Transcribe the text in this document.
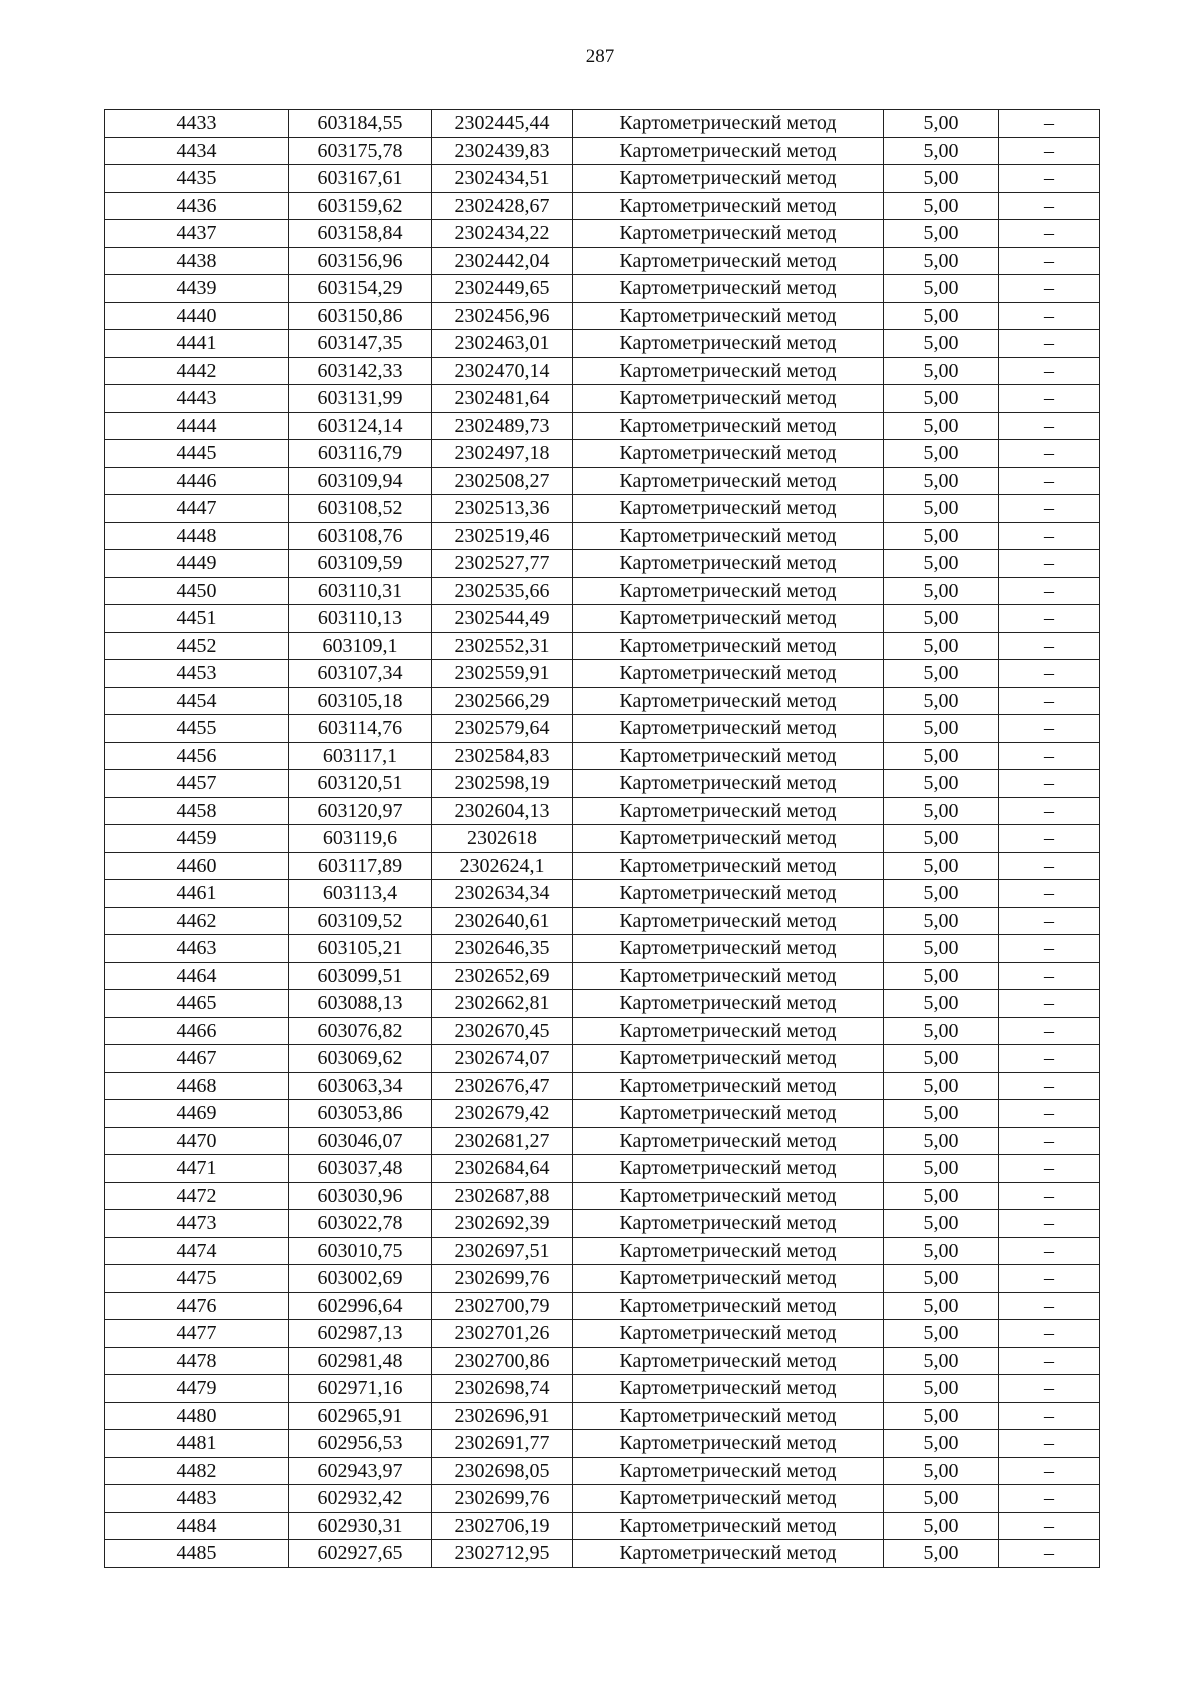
287
4433	603184,55	2302445,44	Картометрический метод	5,00	–
4434	603175,78	2302439,83	Картометрический метод	5,00	–
4435	603167,61	2302434,51	Картометрический метод	5,00	–
4436	603159,62	2302428,67	Картометрический метод	5,00	–
4437	603158,84	2302434,22	Картометрический метод	5,00	–
4438	603156,96	2302442,04	Картометрический метод	5,00	–
4439	603154,29	2302449,65	Картометрический метод	5,00	–
4440	603150,86	2302456,96	Картометрический метод	5,00	–
4441	603147,35	2302463,01	Картометрический метод	5,00	–
4442	603142,33	2302470,14	Картометрический метод	5,00	–
4443	603131,99	2302481,64	Картометрический метод	5,00	–
4444	603124,14	2302489,73	Картометрический метод	5,00	–
4445	603116,79	2302497,18	Картометрический метод	5,00	–
4446	603109,94	2302508,27	Картометрический метод	5,00	–
4447	603108,52	2302513,36	Картометрический метод	5,00	–
4448	603108,76	2302519,46	Картометрический метод	5,00	–
4449	603109,59	2302527,77	Картометрический метод	5,00	–
4450	603110,31	2302535,66	Картометрический метод	5,00	–
4451	603110,13	2302544,49	Картометрический метод	5,00	–
4452	603109,1	2302552,31	Картометрический метод	5,00	–
4453	603107,34	2302559,91	Картометрический метод	5,00	–
4454	603105,18	2302566,29	Картометрический метод	5,00	–
4455	603114,76	2302579,64	Картометрический метод	5,00	–
4456	603117,1	2302584,83	Картометрический метод	5,00	–
4457	603120,51	2302598,19	Картометрический метод	5,00	–
4458	603120,97	2302604,13	Картометрический метод	5,00	–
4459	603119,6	2302618	Картометрический метод	5,00	–
4460	603117,89	2302624,1	Картометрический метод	5,00	–
4461	603113,4	2302634,34	Картометрический метод	5,00	–
4462	603109,52	2302640,61	Картометрический метод	5,00	–
4463	603105,21	2302646,35	Картометрический метод	5,00	–
4464	603099,51	2302652,69	Картометрический метод	5,00	–
4465	603088,13	2302662,81	Картометрический метод	5,00	–
4466	603076,82	2302670,45	Картометрический метод	5,00	–
4467	603069,62	2302674,07	Картометрический метод	5,00	–
4468	603063,34	2302676,47	Картометрический метод	5,00	–
4469	603053,86	2302679,42	Картометрический метод	5,00	–
4470	603046,07	2302681,27	Картометрический метод	5,00	–
4471	603037,48	2302684,64	Картометрический метод	5,00	–
4472	603030,96	2302687,88	Картометрический метод	5,00	–
4473	603022,78	2302692,39	Картометрический метод	5,00	–
4474	603010,75	2302697,51	Картометрический метод	5,00	–
4475	603002,69	2302699,76	Картометрический метод	5,00	–
4476	602996,64	2302700,79	Картометрический метод	5,00	–
4477	602987,13	2302701,26	Картометрический метод	5,00	–
4478	602981,48	2302700,86	Картометрический метод	5,00	–
4479	602971,16	2302698,74	Картометрический метод	5,00	–
4480	602965,91	2302696,91	Картометрический метод	5,00	–
4481	602956,53	2302691,77	Картометрический метод	5,00	–
4482	602943,97	2302698,05	Картометрический метод	5,00	–
4483	602932,42	2302699,76	Картометрический метод	5,00	–
4484	602930,31	2302706,19	Картометрический метод	5,00	–
4485	602927,65	2302712,95	Картометрический метод	5,00	–
